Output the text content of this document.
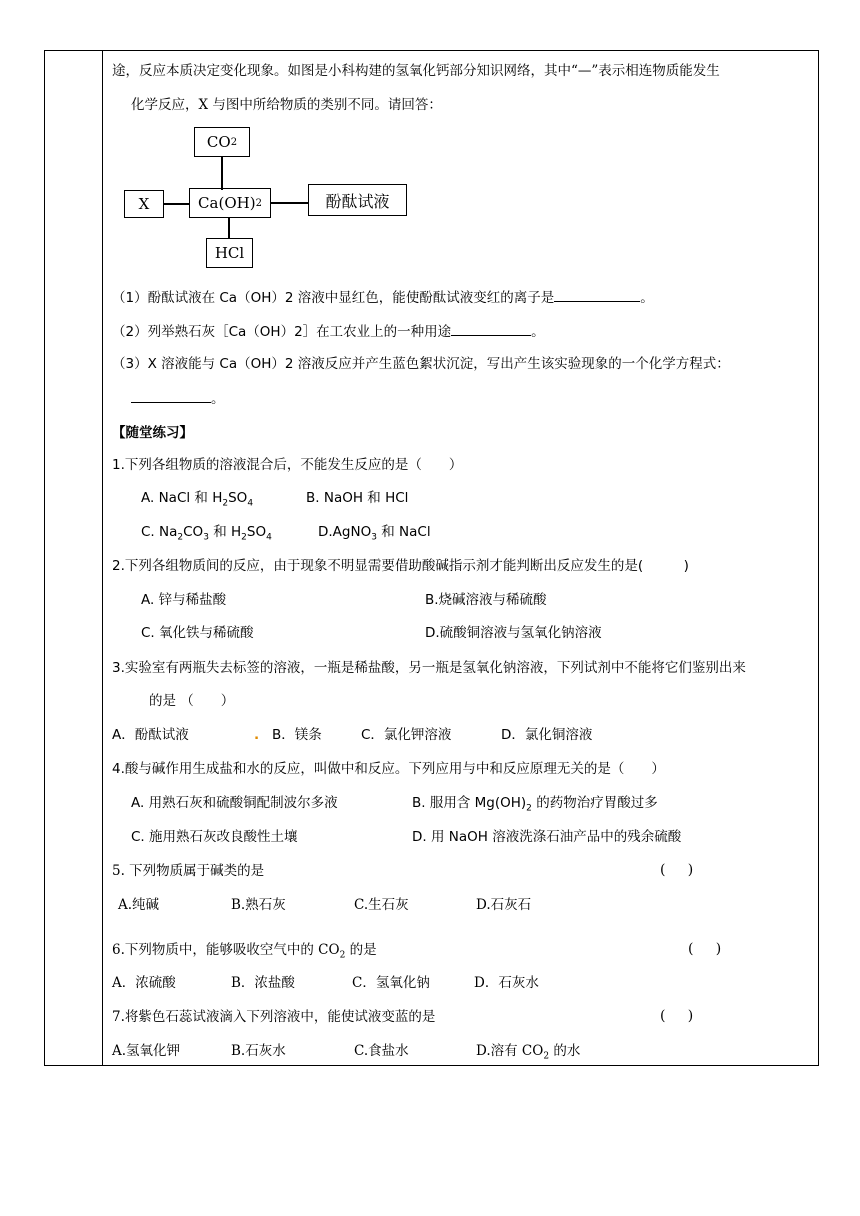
途，反应本质决定变化现象。如图是小科构建的氢氧化钙部分知识网络，其中“—”表示相连物质能发生
化学反应，X 与图中所给物质的类别不同。请回答：
CO 2
X	Ca(OH) 2	酚酞试液
HCl
（1）酚酞试液在 Ca（OH）2 溶液中显红色，能使酚酞试液变红的离子是	。
（2）列举熟石灰［Ca（OH）2］在工农业上的一种用途	。
（3）X 溶液能与 Ca（OH）2 溶液反应并产生蓝色絮状沉淀，写出产生该实验现象的一个化学方程式：
。
【随堂练习】
1.下列各组物质的溶液混合后，不能发生反应的是（　　）
A. NaCl 和 $H_2SO_4$	B. NaOH 和 HCl
C. $Na_2CO_3$ 和 $H_2SO_4$	D.AgNO$_3$ 和 NaCl
2.下列各组物质间的反应，由于现象不明显需要借助酸碱指示剂才能判断出反应发生的是(　　　)
A. 锌与稀盐酸	B.烧碱溶液与稀硫酸
C. 氧化铁与稀硫酸	D.硫酸铜溶液与氢氧化钠溶液
3.实验室有两瓶失去标签的溶液，一瓶是稀盐酸，另一瓶是氢氧化钠溶液，下列试剂中不能将它们鉴别出来
的是 （　　）
A．酚酞试液	. B．镁条	C．氯化钾溶液	D．氯化铜溶液
4.酸与碱作用生成盐和水的反应，叫做中和反应。下列应用与中和反应原理无关的是（　　）
A. 用熟石灰和硫酸铜配制波尔多液	B. 服用含 $Mg(OH)_2$ 的药物治疗胃酸过多
C. 施用熟石灰改良酸性土壤	D. 用 NaOH 溶液洗涤石油产品中的残余硫酸
5. 下列物质属于碱类的是	(     )
A.纯碱	B.熟石灰	C.生石灰	D.石灰石
6.下列物质中，能够吸收空气中的 $CO_2$ 的是	(     )
A．浓硫酸	B．浓盐酸	C．氢氧化钠	D．石灰水
7.将紫色石蕊试液滴入下列溶液中，能使试液变蓝的是	(     )
A.氢氧化钾	B.石灰水	C.食盐水	D.溶有 $CO_2$ 的水
